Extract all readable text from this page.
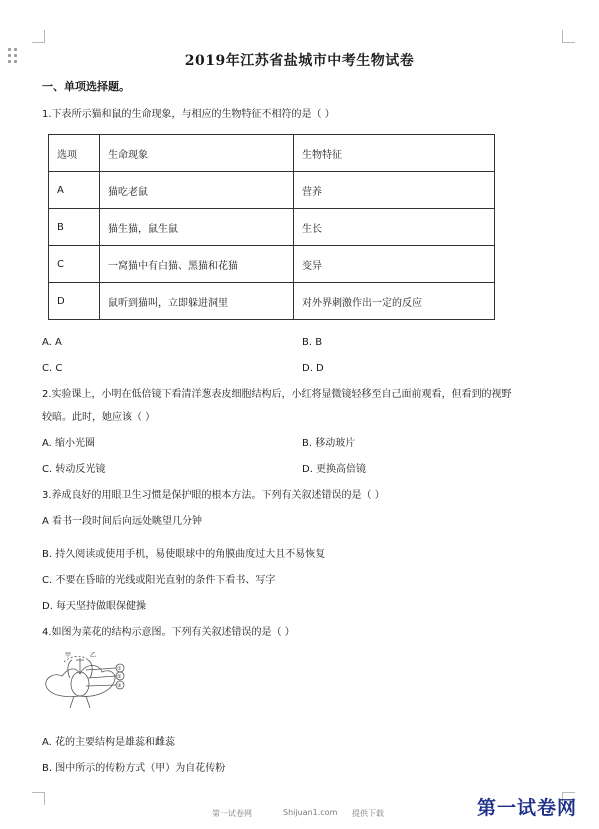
2019年江苏省盐城市中考生物试卷
一、单项选择题。
1.下表所示猫和鼠的生命现象，与相应的生物特征不相符的是（ ）
选项	生命现象	生物特征
A	猫吃老鼠	营养
B	猫生猫，鼠生鼠	生长
C	一窝猫中有白猫、黑猫和花猫	变异
D	鼠听到猫叫，立即躲进洞里	对外界刺激作出一定的反应
A. A	B. B
C. C	D. D
2.实验课上，小明在低倍镜下看清洋葱表皮细胞结构后，小红将显微镜轻移至自己面前观看，但看到的视野
较暗。此时，她应该（ ）
A. 缩小光圈	B. 移动玻片
C. 转动反光镜	D. 更换高倍镜
3.养成良好的用眼卫生习惯是保护眼的根本方法。下列有关叙述错误的是（ ）
A 看书一段时间后向远处眺望几分钟
B. 持久阅读或使用手机，易使眼球中的角膜曲度过大且不易恢复
C. 不要在昏暗的光线或阳光直射的条件下看书、写字
D. 每天坚持做眼保健操
4.如图为菜花的结构示意图。下列有关叙述错误的是（ ）
甲	乙
①
②
③
A. 花的主要结构是雄蕊和雌蕊
B. 图中所示的传粉方式（甲）为自花传粉
第一试卷网	Shijuan1.com 提供下载	第一试卷网
